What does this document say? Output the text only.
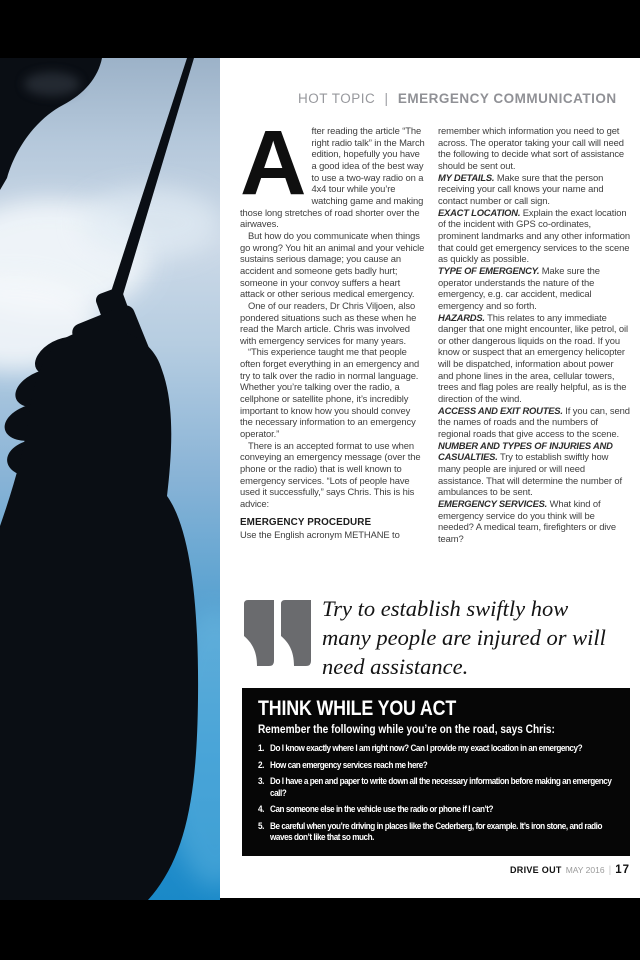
HOT TOPIC | EMERGENCY COMMUNICATION

After reading the article “The right radio talk” in the March edition, hopefully you have a good idea of the best way to use a two-way radio on a 4x4 tour while you’re watching game and making those long stretches of road shorter over the airwaves.

But how do you communicate when things go wrong? You hit an animal and your vehicle sustains serious damage; you cause an accident and someone gets badly hurt; someone in your convoy suffers a heart attack or other serious medical emergency.

One of our readers, Dr Chris Viljoen, also pondered situations such as these when he read the March article. Chris was involved with emergency services for many years.

“This experience taught me that people often forget everything in an emergency and try to talk over the radio in normal language. Whether you’re talking over the radio, a cellphone or satellite phone, it’s incredibly important to know how you should convey the necessary information to an emergency operator.”

There is an accepted format to use when conveying an emergency message (over the phone or the radio) that is well known to emergency services. “Lots of people have used it successfully,” says Chris. This is his advice:

EMERGENCY PROCEDURE

Use the English acronym METHANE to

remember which information you need to get across. The operator taking your call will need the following to decide what sort of assistance should be sent out.

MY DETAILS. Make sure that the person receiving your call knows your name and contact number or call sign.

EXACT LOCATION. Explain the exact location of the incident with GPS co-ordinates, prominent landmarks and any other information that could get emergency services to the scene as quickly as possible.

TYPE OF EMERGENCY. Make sure the operator understands the nature of the emergency, e.g. car accident, medical emergency and so forth.

HAZARDS. This relates to any immediate danger that one might encounter, like petrol, oil or other dangerous liquids on the road. If you know or suspect that an emergency helicopter will be dispatched, information about power and phone lines in the area, cellular towers, trees and flag poles are really helpful, as is the direction of the wind.

ACCESS AND EXIT ROUTES. If you can, send the names of roads and the numbers of regional roads that give access to the scene.

NUMBER AND TYPES OF INJURIES AND CASUALTIES. Try to establish swiftly how many people are injured or will need assistance. That will determine the number of ambulances to be sent.

EMERGENCY SERVICES. What kind of emergency service do you think will be needed? A medical team, firefighters or dive team?

Try to establish swiftly how many people are injured or will need assistance.
THINK WHILE YOU ACT
Remember the following while you’re on the road, says Chris:
1. Do I know exactly where I am right now? Can I provide my exact location in an emergency?
2. How can emergency services reach me here?
3. Do I have a pen and paper to write down all the necessary information before making an emergency call?
4. Can someone else in the vehicle use the radio or phone if I can’t?
5. Be careful when you’re driving in places like the Cederberg, for example. It’s iron stone, and radio waves don’t like that so much.
DRIVE OUT MAY 2016 | 17
